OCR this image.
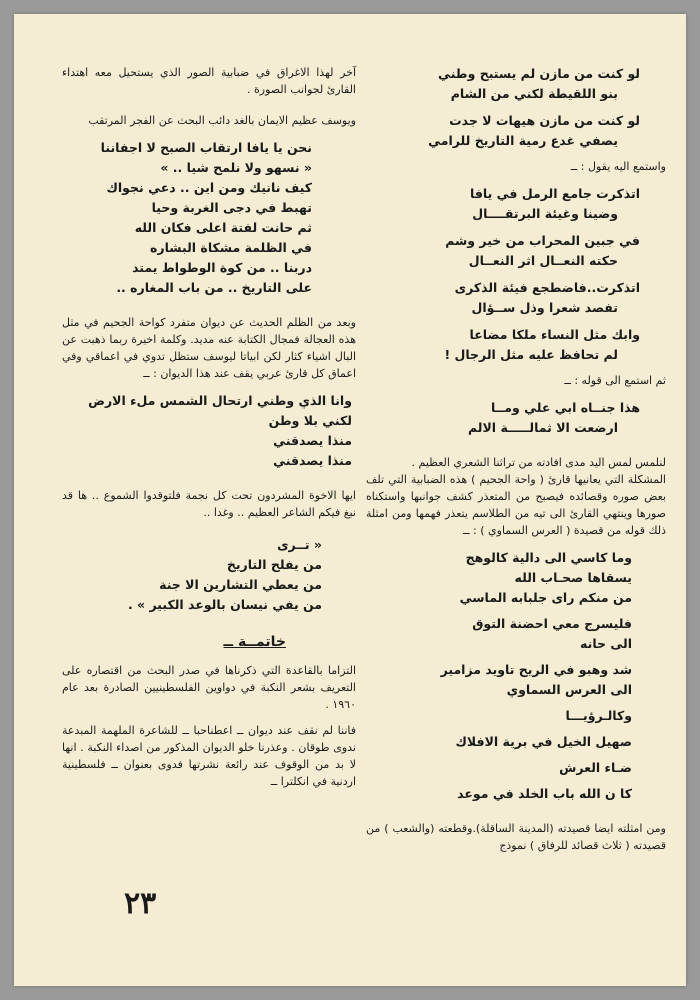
لو كنت من مازن لم يستبح وطني
بنو اللقيطة لكني من الشام
لو كنت من مازن هيهات لا جدت
يصفي غدع رمية التاريخ للرامي
واستمع اليه يقول : ــ
اتذكرت جامع الرمل في يافا
وضينا وغيئة البرتقــــال
في جبين المحراب من خير وشم
حكته النعــال اثر النعــال
اتذكرت..فاضطجع فيئة الذكرى
تفصد شعرا وذل ســؤال
وابك مثل النساء ملكا مضاعا
لم تحافظ عليه مثل الرجال !
ثم استمع الى قوله : ــ
هذا جنــاه ابي علي ومــا
ارضعت الا ثمالـــــة الالم
لنلمس لمس اليد مدى افادته من تراثنا الشعري العظيم .
المشكلة التي يعانيها قارئ ( واحة الجحيم ) هذه الضبابية التي تلف بعض صوره وقصائده فيصبح من المتعذر كشف جوانبها واستكناه صورها وينتهي القارئ الى تيه من الطلاسم يتعذر فهمها ومن امثلة ذلك قوله من قصيدة ( العرس السماوي ) : ــ
وما كاسي الى دالية كالوهج
يسقاها صحـاب الله
من منكم راى جلبابه الماسي
فليسرج معي احضنة التوق
الى حانه
شد وهبو في الريح تاويد مزامير
الى العرس السماوي
وكالـرؤيـــا
صهيل الخيل في برية الافلاك
ضـاء العرش
كا ن الله باب الخلد في موعد
ومن امثلته ايضا قصيدته (المدينة الساقلة).وقطعته (والشعب ) من قصيدته ( ثلاث قصائد للرفاق ) نموذج
آخر لهذا الاغراق في ضبابية الصور الذي يستحيل معه اهتداء القارئ لجوانب الصورة .
ويوسف عظيم الايمان بالغد دائب البحث عن الفجر المرتقب
نحن يا يافا ارتقاب الصبح لا اجفاننا
« نسهو ولا نلمح شيا .. »
كيف نانيك ومن اين .. دعي نجواك
تهبط في دجى الغربة وحيا
ثم حانت لفتة اعلى فكان الله
في الظلمة مشكاة البشاره
دربنا .. من كوة الوطواط يمتد
على التاريخ .. من باب المغاره ..
وبعد من الظلم الحديث عن ديوان متفرد كواحة الجحيم في مثل هذه العجالة فمجال الكتابة عنه مديد. وكلمة اخيرة ربما ذهبت عن البال اشياء كثار لكن ابياتا ليوسف ستظل تدوي في اعماقي وفي اعماق كل قارئ عربي يقف عند هذا الديوان : ــ
وانا الذي وطني ارتحال الشمس ملء الارض
لكني بلا وطن
منذا يصدقني
منذا يصدقني
ايها الاخوة المشردون تحت كل نجمة فلتوقدوا الشموع .. ها قد نبغ فيكم الشاعر العظيم .. وغدا ..
« تــرى
من يفلح التاريخ
من يعطي التشارين الا جنة
من يفي نيسان بالوعد الكبير » .
خاتمــة ــ
التزاما بالقاعدة التي ذكرناها في صدر البحث من اقتصاره على التعريف بشعر النكبة في دواوين الفلسطينيين الصادرة بعد عام ١٩٦٠ .
فاننا لم نقف عند ديوان ــ اعطناحبا ــ للشاعرة الملهمة المبدعة ندوى طوقان . وعذرنا خلو الديوان المذكور من اصداء النكبة . انها لا بد من الوقوف عند رائعة نشرتها فدوى بعنوان ــ فلسطينية اردنية في انكلترا ــ
٢٣
